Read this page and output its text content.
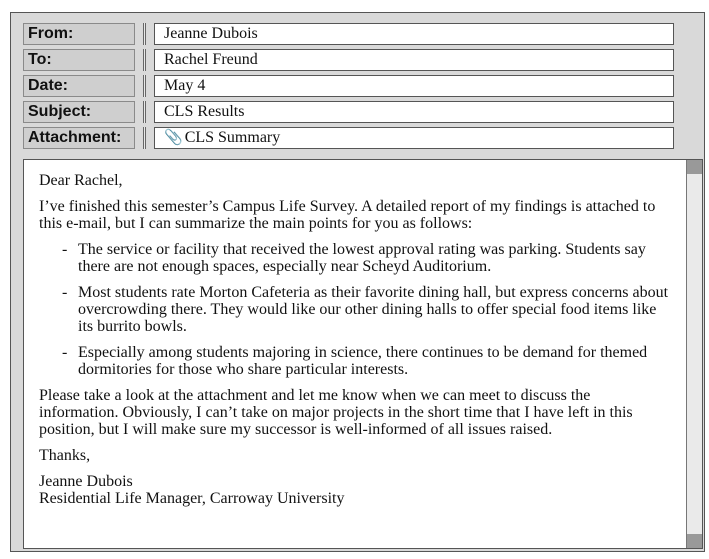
From:	Jeanne Dubois
To:	Rachel Freund
Date:	May 4
Subject:	CLS Results
Attachment:	📎 CLS Summary

Dear Rachel,

I’ve finished this semester’s Campus Life Survey. A detailed report of my findings is attached to this e-mail, but I can summarize the main points for you as follows:

- The service or facility that received the lowest approval rating was parking. Students say there are not enough spaces, especially near Scheyd Auditorium.
- Most students rate Morton Cafeteria as their favorite dining hall, but express concerns about overcrowding there. They would like our other dining halls to offer special food items like its burrito bowls.
- Especially among students majoring in science, there continues to be demand for themed dormitories for those who share particular interests.

Please take a look at the attachment and let me know when we can meet to discuss the information. Obviously, I can’t take on major projects in the short time that I have left in this position, but I will make sure my successor is well-informed of all issues raised.

Thanks,

Jeanne Dubois

Residential Life Manager, Carroway University
